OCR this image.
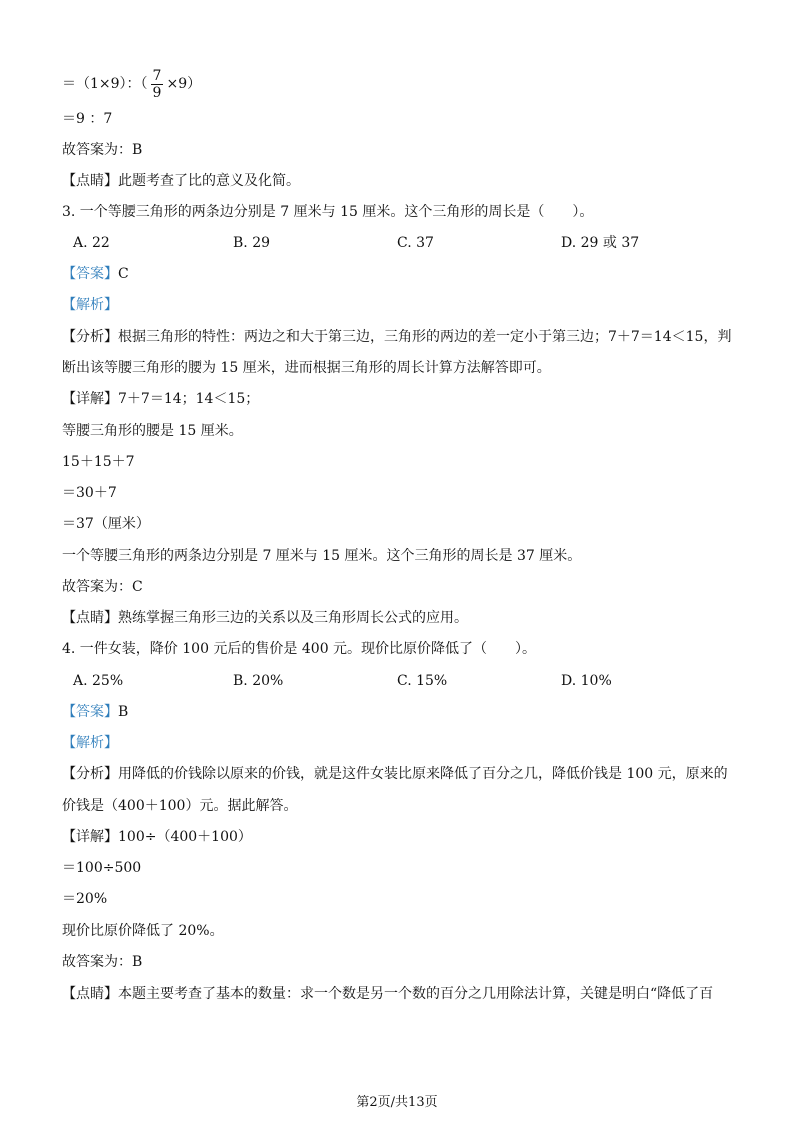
＝（1×9）：（ $\frac{7}{9} \times 9$）
＝9 ：7
故答案为：B
【点睛】此题考查了比的意义及化简。
3. 一个等腰三角形的两条边分别是 7 厘米与 15 厘米。这个三角形的周长是（　　）。
A. 22	B. 29	C. 37	D. 29 或 37
【答案】C
【解析】
【分析】根据三角形的特性：两边之和大于第三边，三角形的两边的差一定小于第三边；7＋7＝14＜15，判
断出该等腰三角形的腰为 15 厘米，进而根据三角形的周长计算方法解答即可。
【详解】7＋7＝14；14＜15；
等腰三角形的腰是 15 厘米。
15＋15＋7
＝30＋7
＝37（厘米）
一个等腰三角形的两条边分别是 7 厘米与 15 厘米。这个三角形的周长是 37 厘米。
故答案为：C
【点睛】熟练掌握三角形三边的关系以及三角形周长公式的应用。
4. 一件女装，降价 100 元后的售价是 400 元。现价比原价降低了（　　）。
A. 25%	B. 20%	C. 15%	D. 10%
【答案】B
【解析】
【分析】用降低的价钱除以原来的价钱，就是这件女装比原来降低了百分之几，降低价钱是 100 元，原来的
价钱是（400＋100）元。据此解答。
【详解】100÷（400＋100）
＝100÷500
＝20%
现价比原价降低了 20%。
故答案为：B
【点睛】本题主要考查了基本的数量：求一个数是另一个数的百分之几用除法计算，关键是明白“降低了百
第2页/共13页
